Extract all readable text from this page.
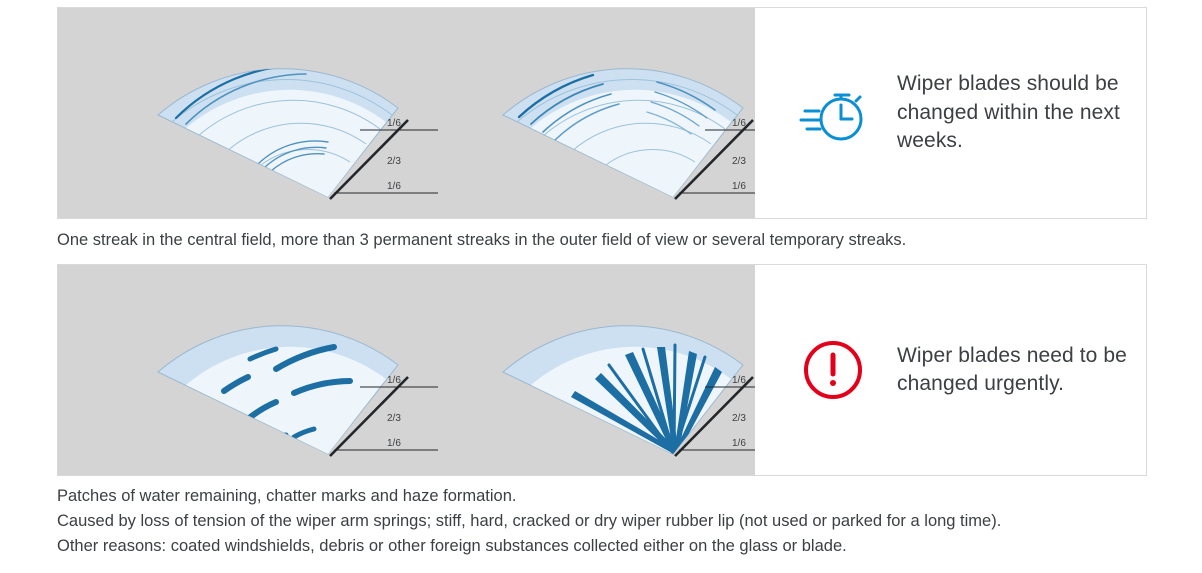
1/6
2/3
1/6
1/6
2/3
1/6
Wiper blades should be changed within the next weeks.
One streak in the central field, more than 3 permanent streaks in the outer field of view or several temporary streaks.
1/6
2/3
1/6
1/6
2/3
1/6
Wiper blades need to be changed urgently.
Patches of water remaining, chatter marks and haze formation.
Caused by loss of tension of the wiper arm springs; stiff, hard, cracked or dry wiper rubber lip (not used or parked for a long time).
Other reasons: coated windshields, debris or other foreign substances collected either on the glass or blade.
